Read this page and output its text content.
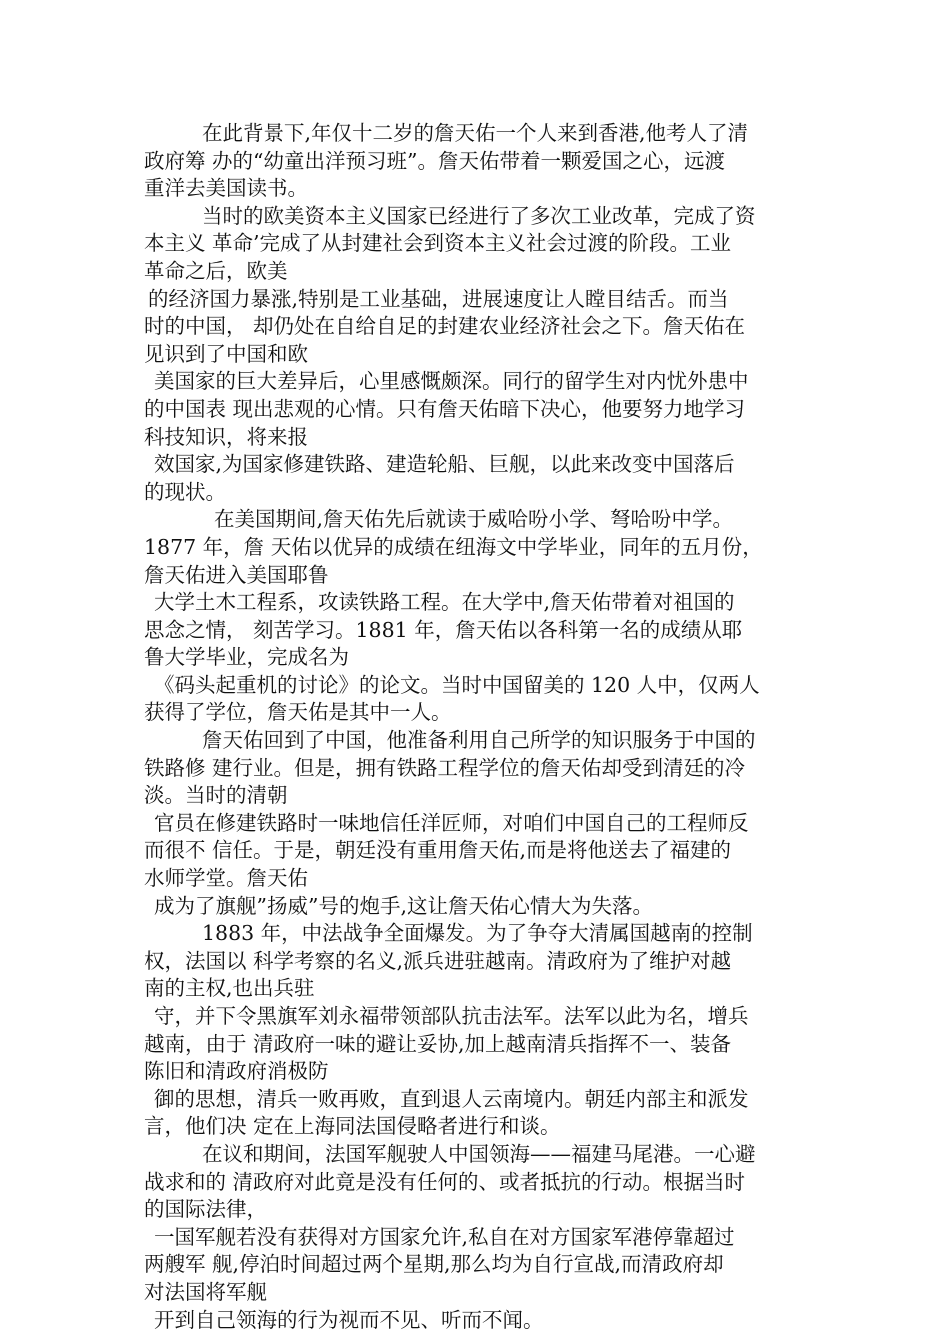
在此背景下,年仅十二岁的詹天佑一个人来到香港,他考人了清
政府筹 办的“幼童出洋预习班”。詹天佑带着一颗爱国之心，远渡
重洋去美国读书。
当时的欧美资本主义国家已经进行了多次工业改革，完成了资
本主义 革命’完成了从封建社会到资本主义社会过渡的阶段。工业
革命之后，欧美
的经济国力暴涨,特别是工业基础，进展速度让人瞠目结舌。而当
时的中国， 却仍处在自给自足的封建农业经济社会之下。詹天佑在
见识到了中国和欧
美国家的巨大差异后，心里感慨颇深。同行的留学生对内忧外患中
的中国表 现出悲观的心情。只有詹天佑暗下决心，他要努力地学习
科技知识，将来报
效国家,为国家修建铁路、建造轮船、巨舰，以此来改变中国落后
的现状。
在美国期间,詹天佑先后就读于威哈吩小学、弩哈吩中学。
1877 年，詹 天佑以优异的成绩在纽海文中学毕业，同年的五月份，
詹天佑进入美国耶鲁
大学土木工程系，攻读铁路工程。在大学中,詹天佑带着对祖国的
思念之情， 刻苦学习。1881 年，詹天佑以各科第一名的成绩从耶
鲁大学毕业，完成名为
《码头起重机的讨论》的论文。当时中国留美的 120 人中，仅两人
获得了学位，詹天佑是其中一人。
詹天佑回到了中国，他准备利用自己所学的知识服务于中国的
铁路修 建行业。但是，拥有铁路工程学位的詹天佑却受到清廷的冷
淡。当时的清朝
官员在修建铁路时一味地信任洋匠师，对咱们中国自己的工程师反
而很不 信任。于是，朝廷没有重用詹天佑,而是将他送去了福建的
水师学堂。詹天佑
成为了旗舰”扬威”号的炮手,这让詹天佑心情大为失落。
1883 年，中法战争全面爆发。为了争夺大清属国越南的控制
权，法国以 科学考察的名义,派兵进驻越南。清政府为了维护对越
南的主权,也出兵驻
守，并下令黑旗军刘永福带领部队抗击法军。法军以此为名，增兵
越南，由于 清政府一味的避让妥协,加上越南清兵指挥不一、装备
陈旧和清政府消极防
御的思想，清兵一败再败，直到退人云南境内。朝廷内部主和派发
言，他们决 定在上海同法国侵略者进行和谈。
在议和期间，法国军舰驶人中国领海——福建马尾港。一心避
战求和的 清政府对此竟是没有任何的、或者抵抗的行动。根据当时
的国际法律，
一国军舰若没有获得对方国家允许,私自在对方国家军港停靠超过
两艘军 舰,停泊时间超过两个星期,那么均为自行宣战,而清政府却
对法国将军舰
开到自己领海的行为视而不见、听而不闻。
